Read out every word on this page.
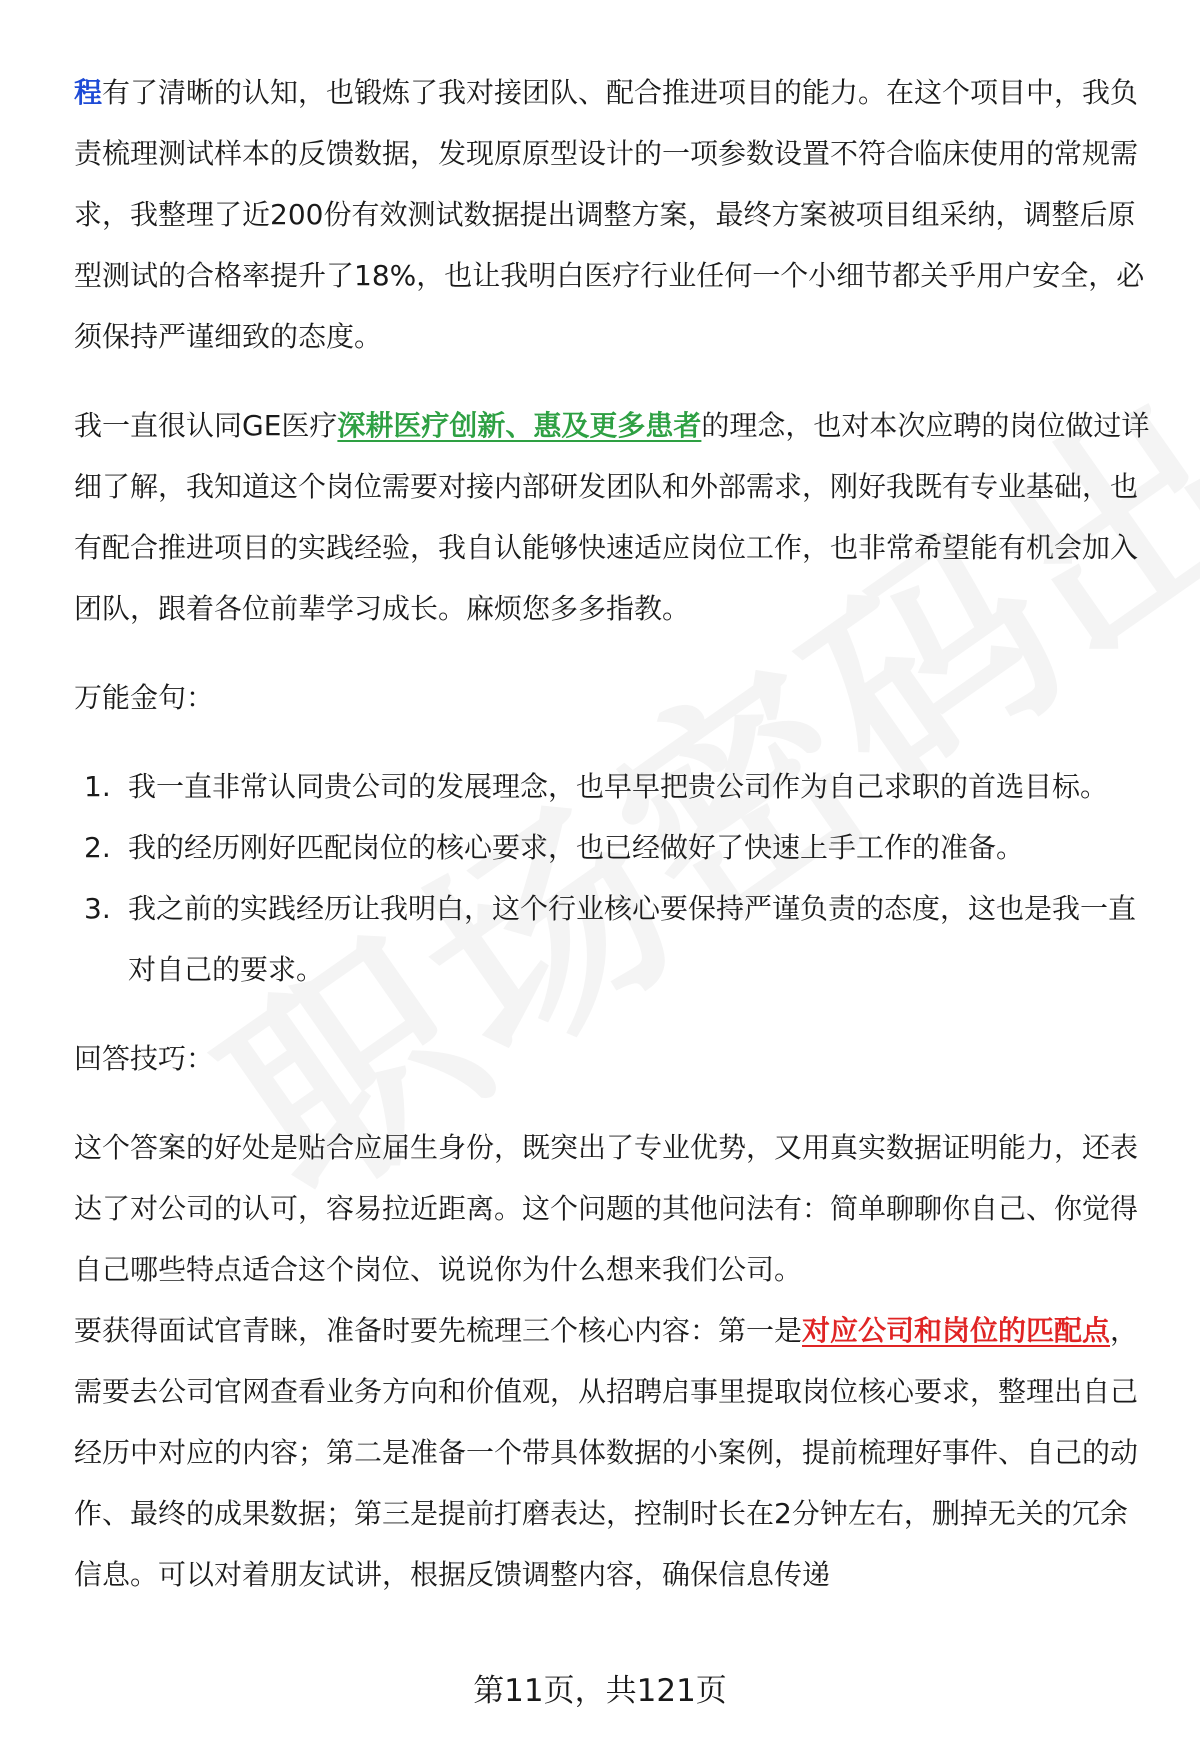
程有了清晰的认知，也锻炼了我对接团队、配合推进项目的能力。在这个项目中，我负责梳理测试样本的反馈数据，发现原原型设计的一项参数设置不符合临床使用的常规需求，我整理了近200份有效测试数据提出调整方案，最终方案被项目组采纳，调整后原型测试的合格率提升了18%，也让我明白医疗行业任何一个小细节都关乎用户安全，必须保持严谨细致的态度。

我一直很认同GE医疗深耕医疗创新、惠及更多患者的理念，也对本次应聘的岗位做过详细了解，我知道这个岗位需要对接内部研发团队和外部需求，刚好我既有专业基础，也有配合推进项目的实践经验，我自认能够快速适应岗位工作，也非常希望能有机会加入团队，跟着各位前辈学习成长。麻烦您多多指教。

万能金句：

1. 我一直非常认同贵公司的发展理念，也早早把贵公司作为自己求职的首选目标。
2. 我的经历刚好匹配岗位的核心要求，也已经做好了快速上手工作的准备。
3. 我之前的实践经历让我明白，这个行业核心要保持严谨负责的态度，这也是我一直对自己的要求。

回答技巧：

这个答案的好处是贴合应届生身份，既突出了专业优势，又用真实数据证明能力，还表达了对公司的认可，容易拉近距离。这个问题的其他问法有：简单聊聊你自己、你觉得自己哪些特点适合这个岗位、说说你为什么想来我们公司。

要获得面试官青睐，准备时要先梳理三个核心内容：第一是对应公司和岗位的匹配点，需要去公司官网查看业务方向和价值观，从招聘启事里提取岗位核心要求，整理出自己经历中对应的内容；第二是准备一个带具体数据的小案例，提前梳理好事件、自己的动作、最终的成果数据；第三是提前打磨表达，控制时长在2分钟左右，删掉无关的冗余信息。可以对着朋友试讲，根据反馈调整内容，确保信息传递

第11页，共121页
